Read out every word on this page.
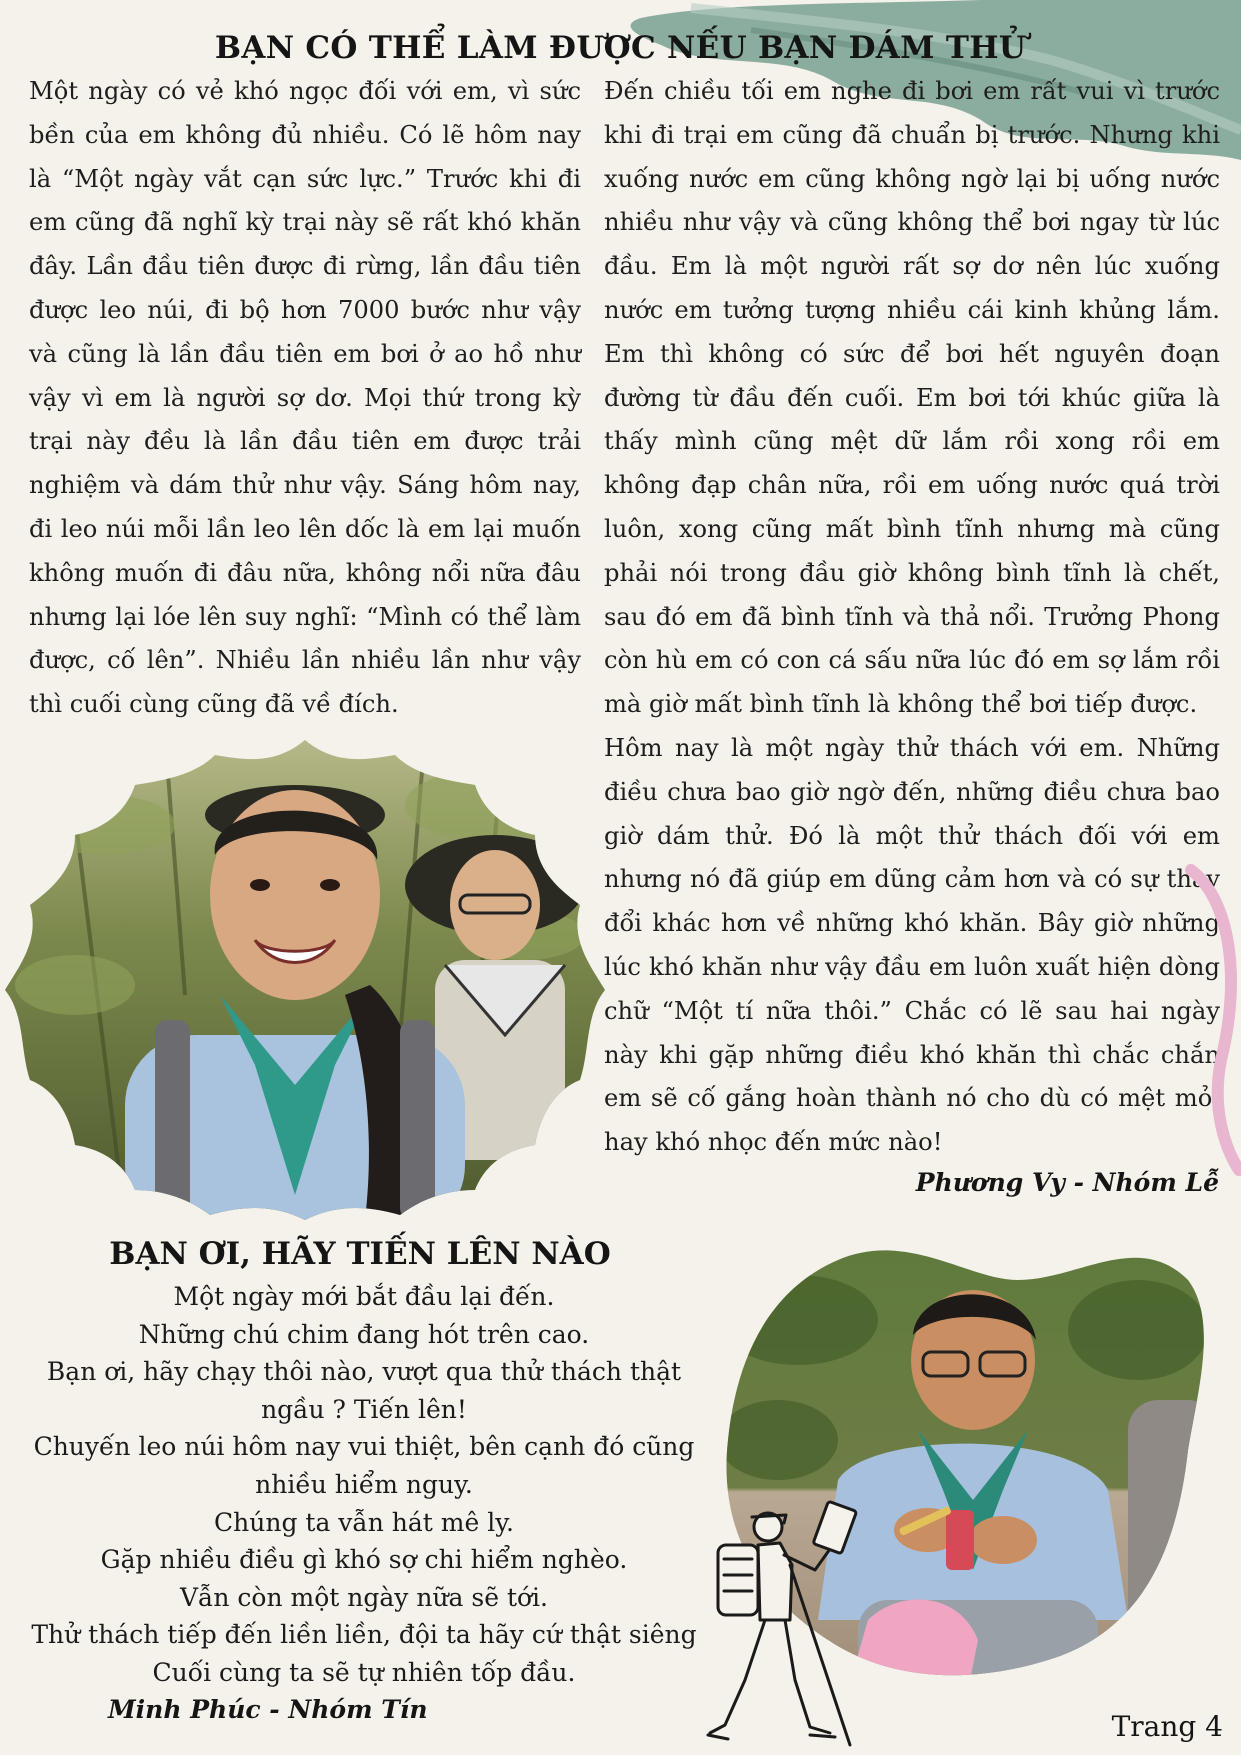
BẠN CÓ THỂ LÀM ĐƯỢC NẾU BẠN DÁM THỬ

Một ngày có vẻ khó ngọc đối với em, vì sức bền của em không đủ nhiều. Có lẽ hôm nay là “Một ngày vắt cạn sức lực.” Trước khi đi em cũng đã nghĩ kỳ trại này sẽ rất khó khăn đây. Lần đầu tiên được đi rừng, lần đầu tiên được leo núi, đi bộ hơn 7000 bước như vậy và cũng là lần đầu tiên em bơi ở ao hồ như vậy vì em là người sợ dơ. Mọi thứ trong kỳ trại này đều là lần đầu tiên em được trải nghiệm và dám thử như vậy. Sáng hôm nay, đi leo núi mỗi lần leo lên dốc là em lại muốn không muốn đi đâu nữa, không nổi nữa đâu nhưng lại lóe lên suy nghĩ: “Mình có thể làm được, cố lên”. Nhiều lần nhiều lần như vậy thì cuối cùng cũng đã về đích.

Đến chiều tối em nghe đi bơi em rất vui vì trước khi đi trại em cũng đã chuẩn bị trước. Nhưng khi xuống nước em cũng không ngờ lại bị uống nước nhiều như vậy và cũng không thể bơi ngay từ lúc đầu. Em là một người rất sợ dơ nên lúc xuống nước em tưởng tượng nhiều cái kinh khủng lắm. Em thì không có sức để bơi hết nguyên đoạn đường từ đầu đến cuối. Em bơi tới khúc giữa là thấy mình cũng mệt dữ lắm rồi xong rồi em không đạp chân nữa, rồi em uống nước quá trời luôn, xong cũng mất bình tĩnh nhưng mà cũng phải nói trong đầu giờ không bình tĩnh là chết, sau đó em đã bình tĩnh và thả nổi. Trưởng Phong còn hù em có con cá sấu nữa lúc đó em sợ lắm rồi mà giờ mất bình tĩnh là không thể bơi tiếp được.

Hôm nay là một ngày thử thách với em. Những điều chưa bao giờ ngờ đến, những điều chưa bao giờ dám thử. Đó là một thử thách đối với em nhưng nó đã giúp em dũng cảm hơn và có sự thay đổi khác hơn về những khó khăn. Bây giờ những lúc khó khăn như vậy đầu em luôn xuất hiện dòng chữ “Một tí nữa thôi.” Chắc có lẽ sau hai ngày này khi gặp những điều khó khăn thì chắc chắn em sẽ cố gắng hoàn thành nó cho dù có mệt mỏi hay khó nhọc đến mức nào!

Phương Vy - Nhóm Lễ
BẠN ƠI, HÃY TIẾN LÊN NÀO
Một ngày mới bắt đầu lại đến.
Những chú chim đang hót trên cao.
Bạn ơi, hãy chạy thôi nào, vượt qua thử thách thật
ngầu ? Tiến lên!
Chuyến leo núi hôm nay vui thiệt, bên cạnh đó cũng
nhiều hiểm nguy.
Chúng ta vẫn hát mê ly.
Gặp nhiều điều gì khó sợ chi hiểm nghèo.
Vẫn còn một ngày nữa sẽ tới.
Thử thách tiếp đến liền liền, đội ta hãy cứ thật siêng
Cuối cùng ta sẽ tự nhiên tốp đầu.
Minh Phúc - Nhóm Tín
Trang 4
